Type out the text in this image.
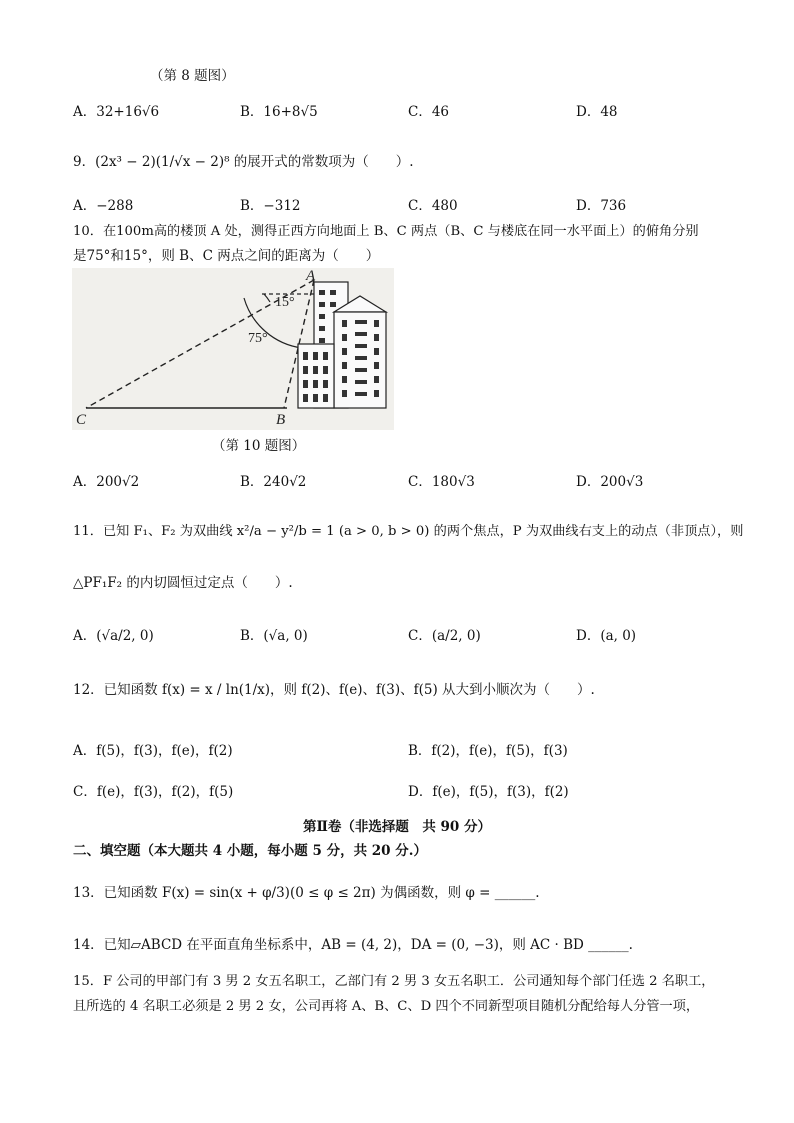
（第 8 题图）
A．32+16√6	B．16+8√5	C．46	D．48
9．(2x³ − 2)(1/√x − 2)⁸ 的展开式的常数项为（　　）.
A．−288	B．−312	C．480	D．736
10．在100m高的楼顶 A 处，测得正西方向地面上 B、C 两点（B、C 与楼底在同一水平面上）的俯角分别
是75°和15°，则 B、C 两点之间的距离为（　　）
A
C	B
15°
75°
（第 10 题图）
A．200√2	B．240√2	C．180√3	D．200√3
11．已知 F₁、F₂ 为双曲线 x²/a − y²/b = 1 (a > 0, b > 0) 的两个焦点，P 为双曲线右支上的动点（非顶点），则
△PF₁F₂ 的内切圆恒过定点（　　）.
A．(√a/2, 0)	B．(√a, 0)	C．(a/2, 0)	D．(a, 0)
12．已知函数 f(x) = x / ln(1/x)，则 f(2)、f(e)、f(3)、f(5) 从大到小顺次为（　　）.
A．f(5)，f(3)，f(e)，f(2)	B．f(2)，f(e)，f(5)，f(3)
C．f(e)，f(3)，f(2)，f(5)	D．f(e)，f(5)，f(3)，f(2)
第Ⅱ卷（非选择题　共 90 分）
二、填空题（本大题共 4 小题，每小题 5 分，共 20 分.）
13．已知函数 F(x) = sin(x + φ/3)(0 ≤ φ ≤ 2π) 为偶函数，则 φ = ______.
14．已知▱ABCD 在平面直角坐标系中，AB = (4, 2)，DA = (0, −3)，则 AC · BD ______.
15．F 公司的甲部门有 3 男 2 女五名职工，乙部门有 2 男 3 女五名职工．公司通知每个部门任选 2 名职工，
且所选的 4 名职工必须是 2 男 2 女，公司再将 A、B、C、D 四个不同新型项目随机分配给每人分管一项，
